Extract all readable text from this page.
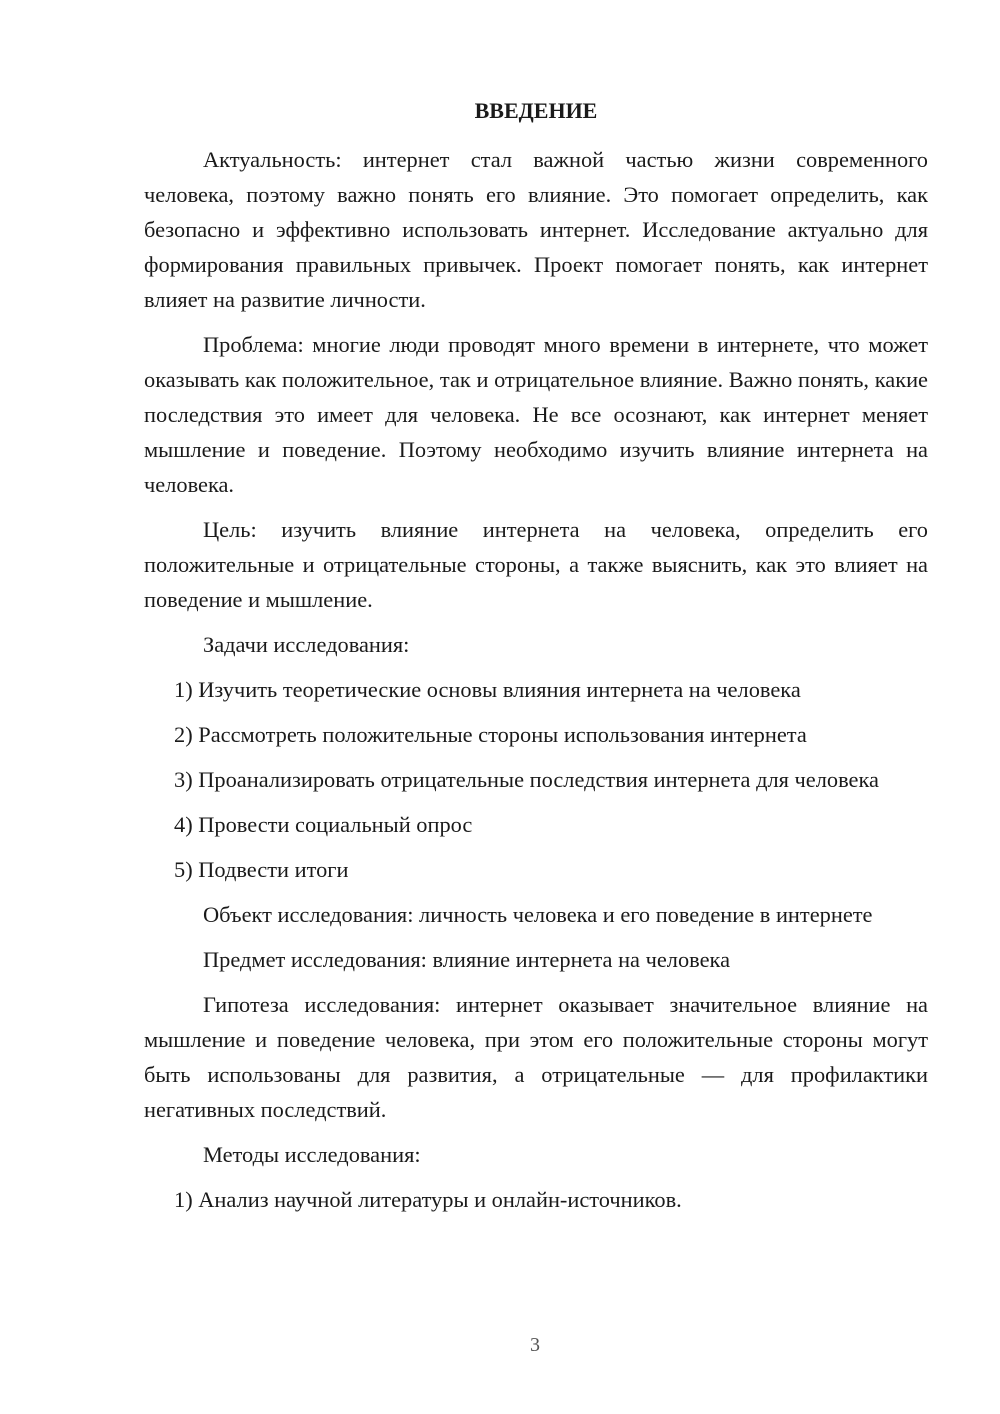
ВВЕДЕНИЕ

Актуальность: интернет стал важной частью жизни современного человека, поэтому важно понять его влияние. Это помогает определить, как безопасно и эффективно использовать интернет. Исследование актуально для формирования правильных привычек. Проект помогает понять, как интернет влияет на развитие личности.

Проблема: многие люди проводят много времени в интернете, что может оказывать как положительное, так и отрицательное влияние. Важно понять, какие последствия это имеет для человека. Не все осознают, как интернет меняет мышление и поведение. Поэтому необходимо изучить влияние интернета на человека.

Цель: изучить влияние интернета на человека, определить его положительные и отрицательные стороны, а также выяснить, как это влияет на поведение и мышление.

Задачи исследования:

1) Изучить теоретические основы влияния интернета на человека

2) Рассмотреть положительные стороны использования интернета

3) Проанализировать отрицательные последствия интернета для человека

4) Провести социальный опрос

5) Подвести итоги

Объект исследования: личность человека и его поведение в интернете

Предмет исследования: влияние интернета на человека

Гипотеза исследования: интернет оказывает значительное влияние на мышление и поведение человека, при этом его положительные стороны могут быть использованы для развития, а отрицательные — для профилактики негативных последствий.

Методы исследования:

1) Анализ научной литературы и онлайн-источников.

3
